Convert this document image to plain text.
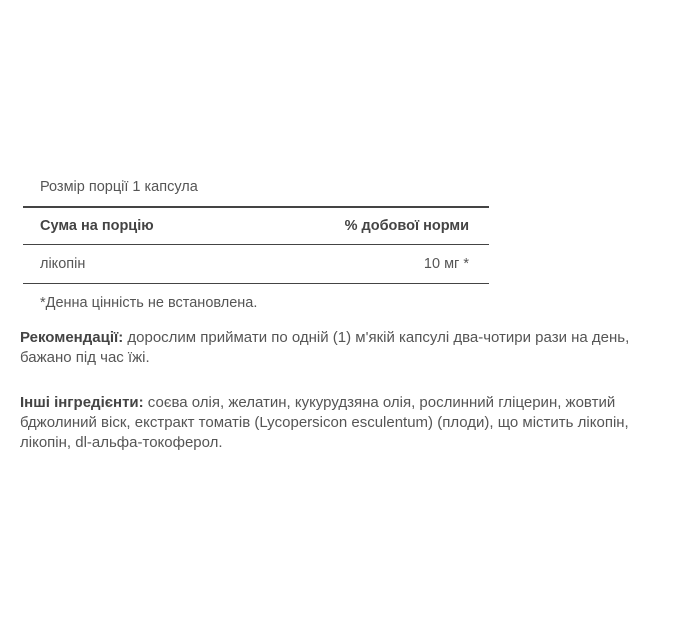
Розмір порції 1 капсула
Сума на порцію	% добової норми
лікопін	10 мг *
*Денна цінність не встановлена.

Рекомендації: дорослим приймати по одній (1) м'якій капсулі два-чотири рази на день, бажано під час їжі.

Інші інгредієнти: соєва олія, желатин, кукурудзяна олія, рослинний гліцерин, жовтий бджолиний віск, екстракт томатів (Lycopersicon esculentum) (плоди), що містить лікопін, лікопін, dl-альфа-токоферол.
